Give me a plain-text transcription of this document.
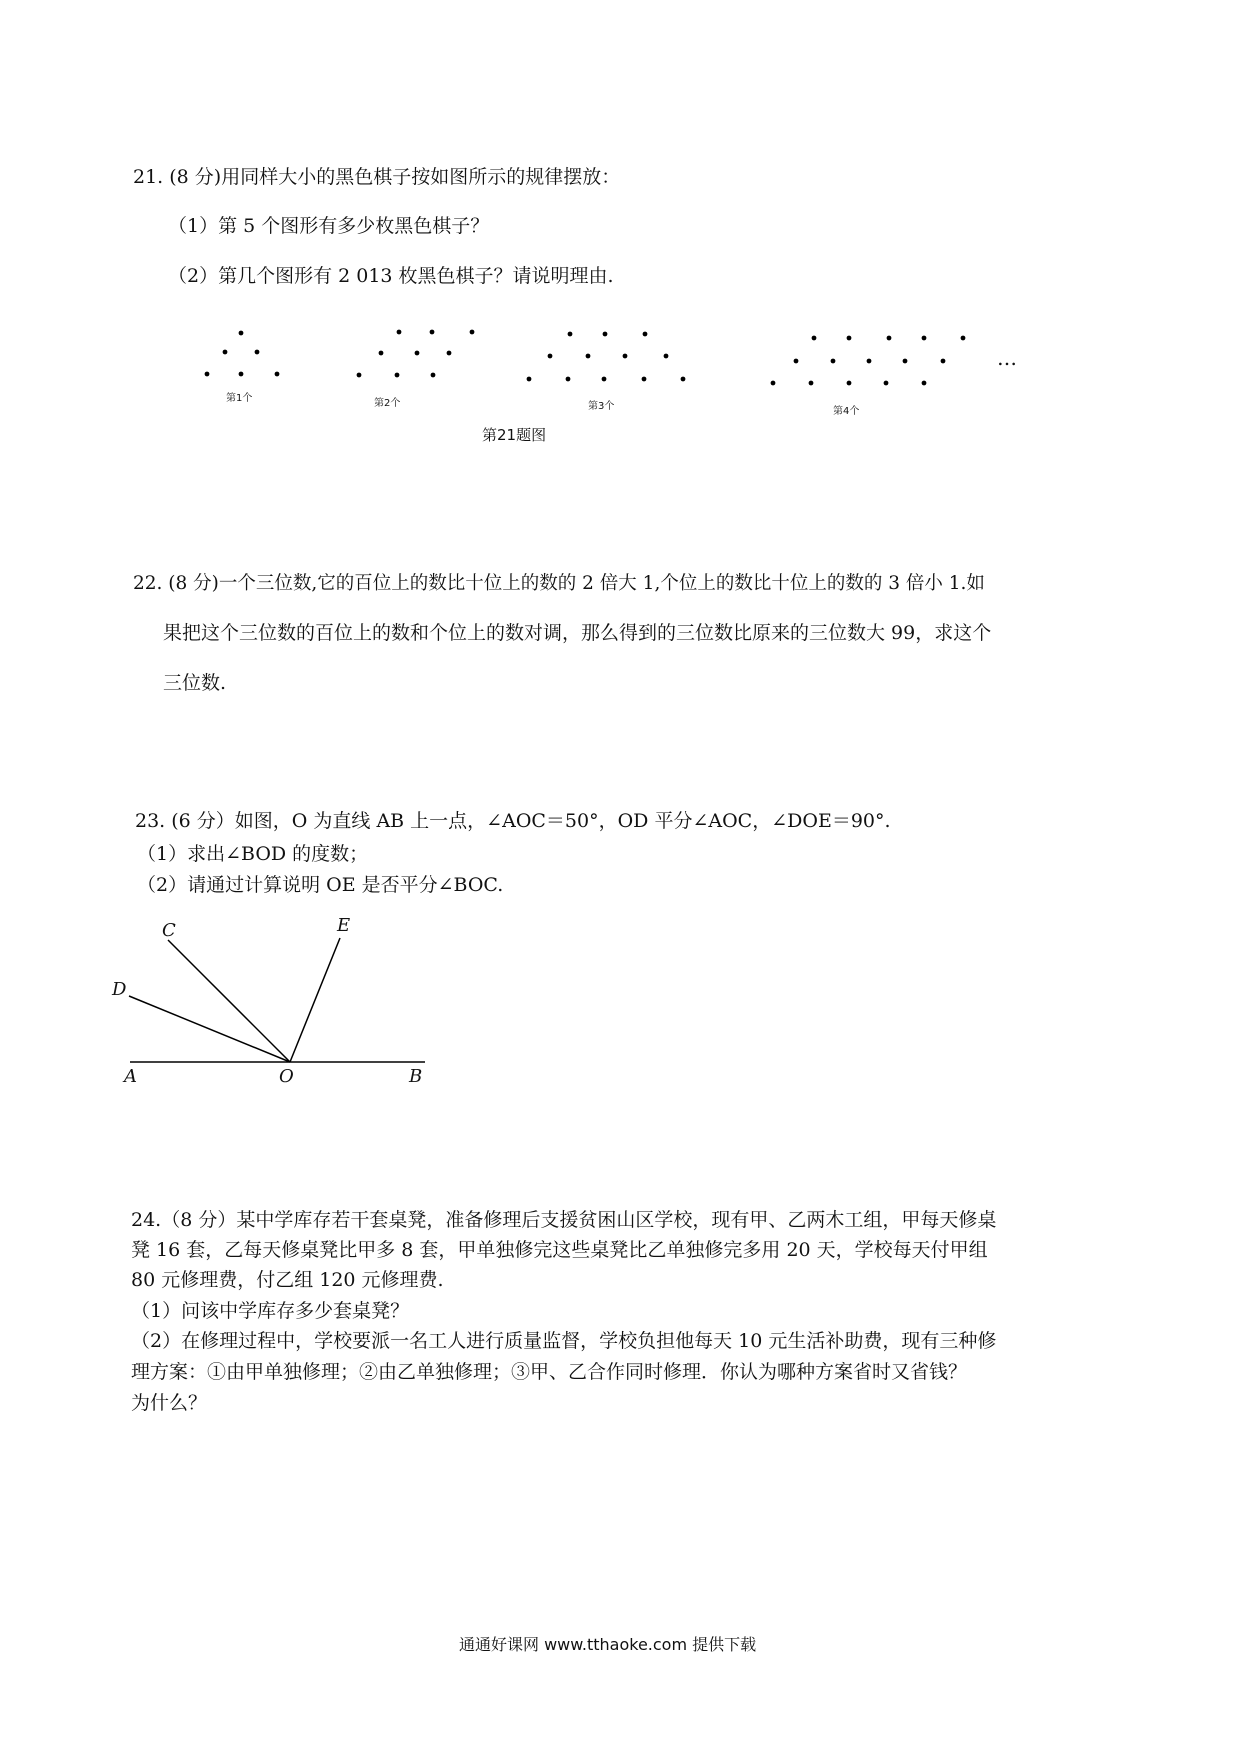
21. (8 分)用同样大小的黑色棋子按如图所示的规律摆放：
（1）第 5 个图形有多少枚黑色棋子？
（2）第几个图形有 2 013 枚黑色棋子？请说明理由.
第1个	第2个	第3个	第4个
…
第21题图
22. (8 分)一个三位数,它的百位上的数比十位上的数的 2 倍大 1,个位上的数比十位上的数的 3 倍小 1.如
果把这个三位数的百位上的数和个位上的数对调，那么得到的三位数比原来的三位数大 99，求这个
三位数.
23. (6 分）如图，O 为直线 AB 上一点，∠AOC＝50°，OD 平分∠AOC，∠DOE＝90°.
（1）求出∠BOD 的度数；
（2）请通过计算说明 OE 是否平分∠BOC.
C
D
E
A	O	B
24.（8 分）某中学库存若干套桌凳，准备修理后支援贫困山区学校，现有甲、乙两木工组，甲每天修桌
凳 16 套，乙每天修桌凳比甲多 8 套，甲单独修完这些桌凳比乙单独修完多用 20 天，学校每天付甲组
80 元修理费，付乙组 120 元修理费.
（1）问该中学库存多少套桌凳？
（2）在修理过程中，学校要派一名工人进行质量监督，学校负担他每天 10 元生活补助费，现有三种修
理方案：①由甲单独修理；②由乙单独修理；③甲、乙合作同时修理．你认为哪种方案省时又省钱？
为什么？
通通好课网 www.tthaoke.com 提供下载
